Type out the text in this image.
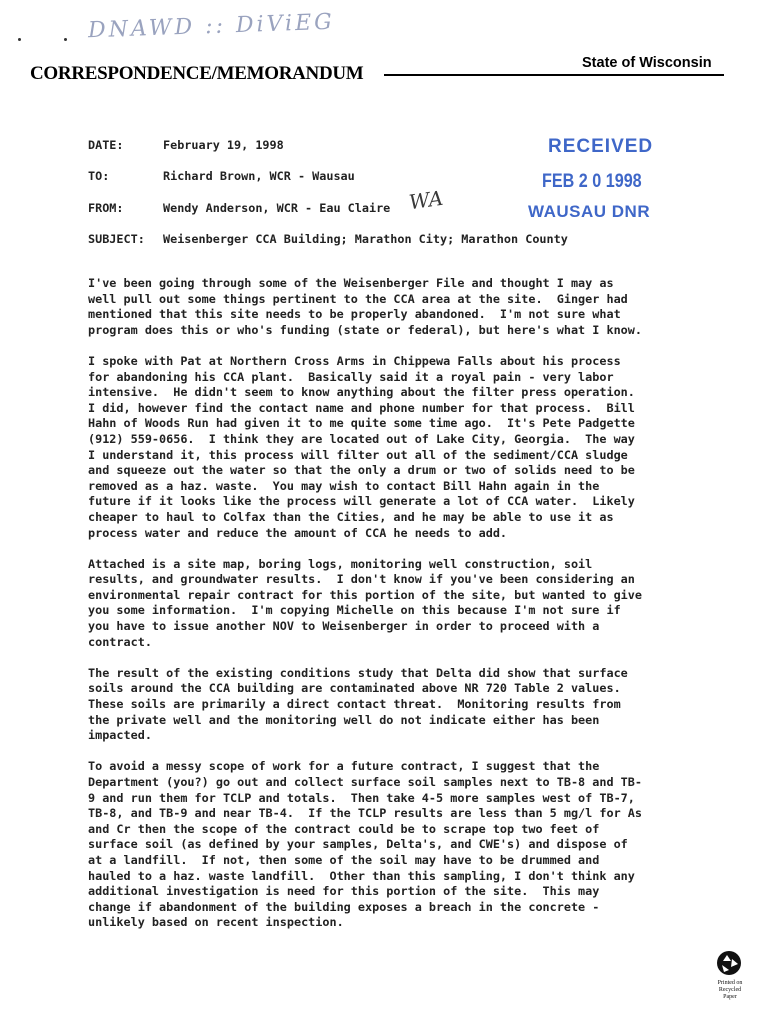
DNAWD :: DiViEG
CORRESPONDENCE/MEMORANDUM	State of Wisconsin
DATE:	February 19, 1998
TO:	Richard Brown, WCR - Wausau
FROM:	Wendy Anderson, WCR - Eau Claire
SUBJECT: Weisenberger CCA Building; Marathon City; Marathon County
WA
RECEIVED
FEB 2 0 1998
WAUSAU DNR

I've been going through some of the Weisenberger File and thought I may as
well pull out some things pertinent to the CCA area at the site.  Ginger had
mentioned that this site needs to be properly abandoned.  I'm not sure what
program does this or who's funding (state or federal), but here's what I know.

I spoke with Pat at Northern Cross Arms in Chippewa Falls about his process
for abandoning his CCA plant.  Basically said it a royal pain - very labor
intensive.  He didn't seem to know anything about the filter press operation.
I did, however find the contact name and phone number for that process.  Bill
Hahn of Woods Run had given it to me quite some time ago.  It's Pete Padgette
(912) 559-0656.  I think they are located out of Lake City, Georgia.  The way
I understand it, this process will filter out all of the sediment/CCA sludge
and squeeze out the water so that the only a drum or two of solids need to be
removed as a haz. waste.  You may wish to contact Bill Hahn again in the
future if it looks like the process will generate a lot of CCA water.  Likely
cheaper to haul to Colfax than the Cities, and he may be able to use it as
process water and reduce the amount of CCA he needs to add.

Attached is a site map, boring logs, monitoring well construction, soil
results, and groundwater results.  I don't know if you've been considering an
environmental repair contract for this portion of the site, but wanted to give
you some information.  I'm copying Michelle on this because I'm not sure if
you have to issue another NOV to Weisenberger in order to proceed with a
contract.

The result of the existing conditions study that Delta did show that surface
soils around the CCA building are contaminated above NR 720 Table 2 values.
These soils are primarily a direct contact threat.  Monitoring results from
the private well and the monitoring well do not indicate either has been
impacted.

To avoid a messy scope of work for a future contract, I suggest that the
Department (you?) go out and collect surface soil samples next to TB-8 and TB-
9 and run them for TCLP and totals.  Then take 4-5 more samples west of TB-7,
TB-8, and TB-9 and near TB-4.  If the TCLP results are less than 5 mg/l for As
and Cr then the scope of the contract could be to scrape top two feet of
surface soil (as defined by your samples, Delta's, and CWE's) and dispose of
at a landfill.  If not, then some of the soil may have to be drummed and
hauled to a haz. waste landfill.  Other than this sampling, I don't think any
additional investigation is need for this portion of the site.  This may
change if abandonment of the building exposes a breach in the concrete -
unlikely based on recent inspection.

Printed on
Recycled
Paper
